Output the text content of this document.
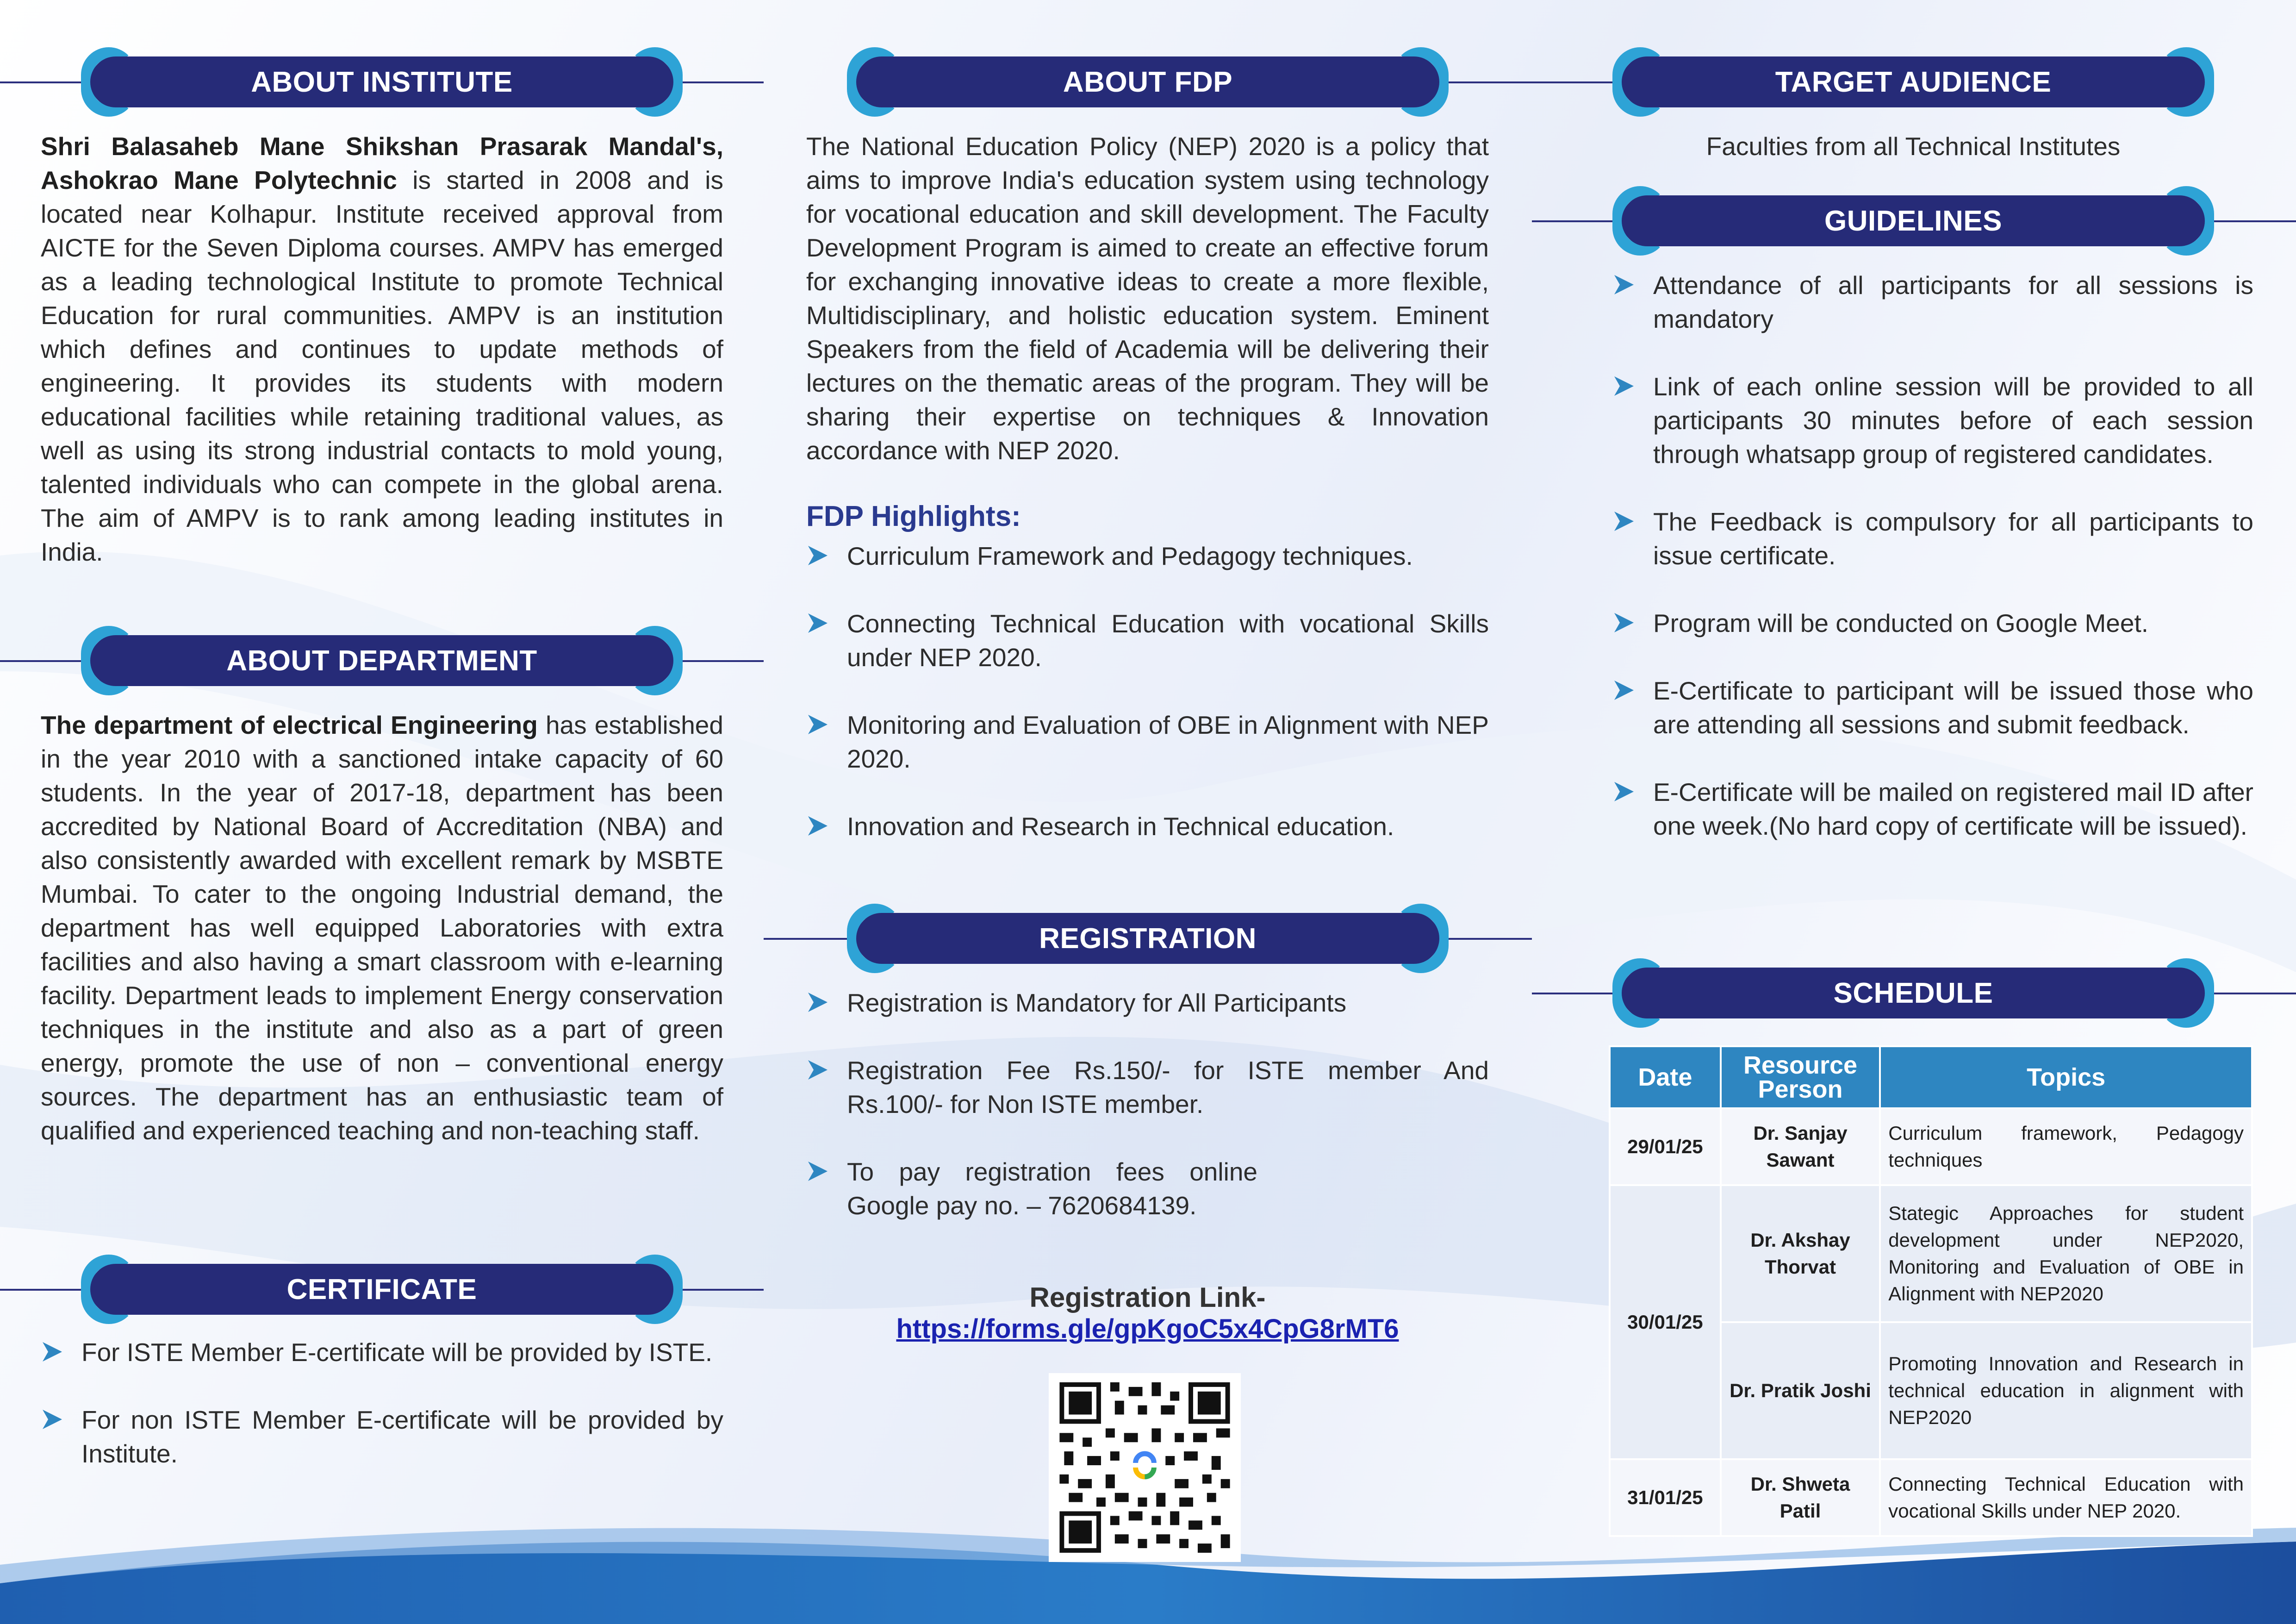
ABOUT INSTITUTE

Shri Balasaheb Mane Shikshan Prasarak Mandal's, Ashokrao Mane Polytechnic is started in 2008 and is located near Kolhapur. Institute received approval from AICTE for the Seven Diploma courses. AMPV has emerged as a leading technological Institute to promote Technical Education for rural communities. AMPV is an institution which defines and continues to update methods of engineering. It provides its students with modern educational facilities while retaining traditional values, as well as using its strong industrial contacts to mold young, talented individuals who can compete in the global arena. The aim of AMPV is to rank among leading institutes in India.

ABOUT DEPARTMENT

The department of electrical Engineering has established in the year 2010 with a sanctioned intake capacity of 60 students. In the year of 2017-18, department has been accredited by National Board of Accreditation (NBA) and also consistently awarded with excellent remark by MSBTE Mumbai. To cater to the ongoing Industrial demand, the department has well equipped Laboratories with extra facilities and also having a smart classroom with e-learning facility. Department leads to implement Energy conservation techniques in the institute and also as a part of green energy, promote the use of non – conventional energy sources. The department has an enthusiastic team of qualified and experienced teaching and non-teaching staff.

CERTIFICATE
For ISTE Member E-certificate will be provided by ISTE.
For non ISTE Member E-certificate will be provided by Institute.
ABOUT FDP

The National Education Policy (NEP) 2020 is a policy that aims to improve India's education system using technology for vocational education and skill development. The Faculty Development Program is aimed to create an effective forum for exchanging innovative ideas to create a more flexible, Multidisciplinary, and holistic education system. Eminent Speakers from the field of Academia will be delivering their lectures on the thematic areas of the program. They will be sharing their expertise on techniques & Innovation accordance with NEP 2020.

FDP Highlights:
Curriculum Framework and Pedagogy techniques.
Connecting Technical Education with vocational Skills under NEP 2020.
Monitoring and Evaluation of OBE in Alignment with NEP 2020.
Innovation and Research in Technical education.
REGISTRATION
Registration is Mandatory for All Participants
Registration Fee Rs.150/- for ISTE member And Rs.100/- for Non ISTE member.
To pay registration fees online Google pay no. – 7620684139.
Registration Link-
https://forms.gle/gpKgoC5x4CpG8rMT6
TARGET AUDIENCE
Faculties from all Technical Institutes
GUIDELINES
Attendance of all participants for all sessions is mandatory
Link of each online session will be provided to all participants 30 minutes before of each session through whatsapp group of registered candidates.
The Feedback is compulsory for all participants to issue certificate.
Program will be conducted on Google Meet.
E-Certificate to participant will be issued those who are attending all sessions and submit feedback.
E-Certificate will be mailed on registered mail ID after one week.(No hard copy of certificate will be issued).
SCHEDULE
Date	Resource Person	Topics
29/01/25	Dr. Sanjay Sawant	Curriculum framework, Pedagogy techniques
30/01/25	Dr. Akshay Thorvat	Stategic Approaches for student development under NEP2020, Monitoring and Evaluation of OBE in Alignment with NEP2020
	Dr. Pratik Joshi	Promoting Innovation and Research in technical education in alignment with NEP2020
31/01/25	Dr. Shweta Patil	Connecting Technical Education with vocational Skills under NEP 2020.
